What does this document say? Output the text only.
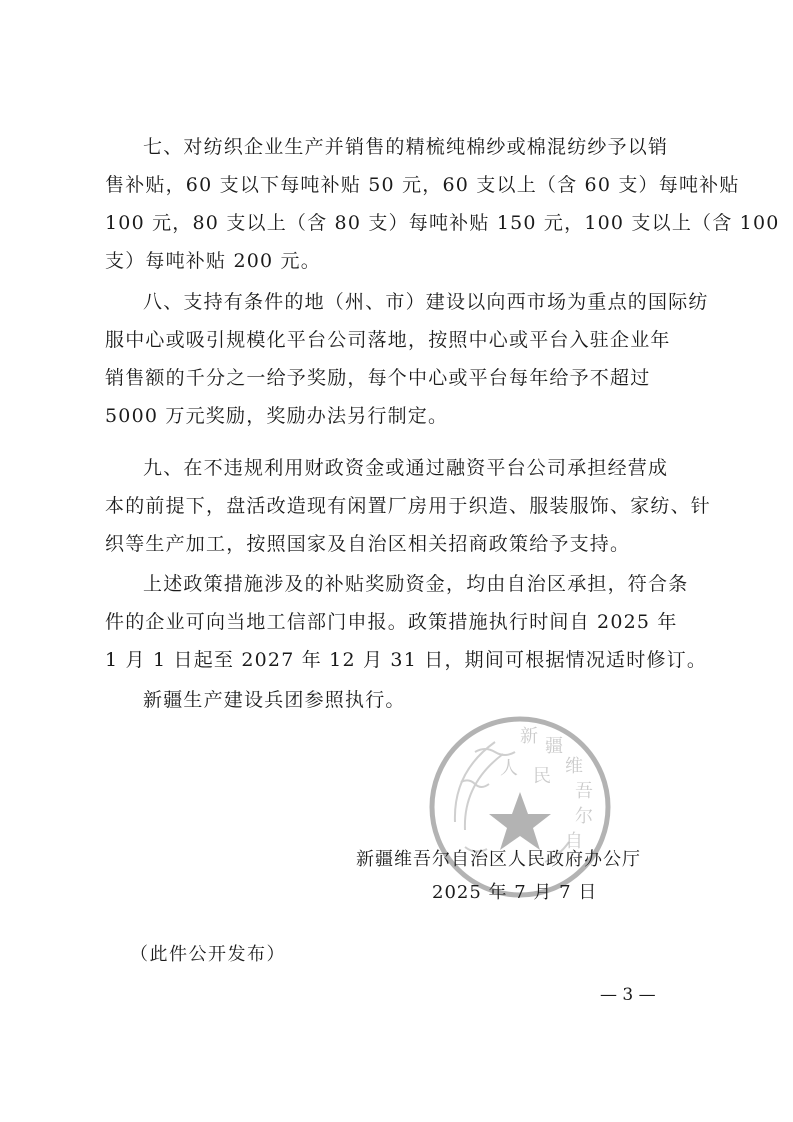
七、对纺织企业生产并销售的精梳纯棉纱或棉混纺纱予以销
售补贴，60 支以下每吨补贴 50 元，60 支以上（含 60 支）每吨补贴
100 元，80 支以上（含 80 支）每吨补贴 150 元，100 支以上（含 100
支）每吨补贴 200 元。
八、支持有条件的地（州、市）建设以向西市场为重点的国际纺
服中心或吸引规模化平台公司落地，按照中心或平台入驻企业年
销售额的千分之一给予奖励，每个中心或平台每年给予不超过
5000 万元奖励，奖励办法另行制定。
九、在不违规利用财政资金或通过融资平台公司承担经营成
本的前提下，盘活改造现有闲置厂房用于织造、服装服饰、家纺、针
织等生产加工，按照国家及自治区相关招商政策给予支持。
上述政策措施涉及的补贴奖励资金，均由自治区承担，符合条
件的企业可向当地工信部门申报。政策措施执行时间自 2025 年
1 月 1 日起至 2027 年 12 月 31 日，期间可根据情况适时修订。
新疆生产建设兵团参照执行。
新 疆
维
吾
尔
自
人 民
新疆维吾尔自治区人民政府办公厅
2025 年 7 月 7 日
（此件公开发布）
— 3 —
